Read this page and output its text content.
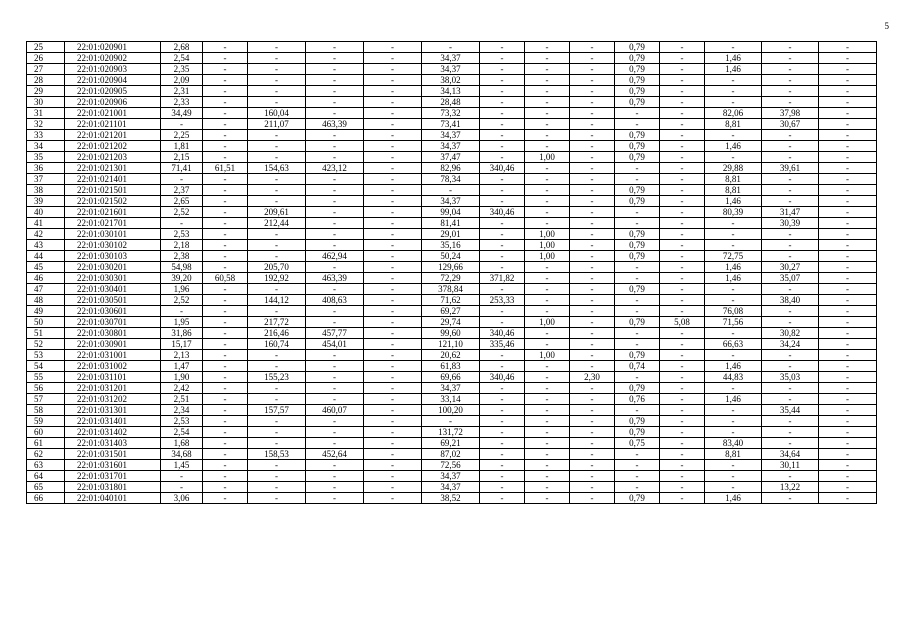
5
25	22:01:020901	2,68	-	-	-	-	-	-	-	-	0,79	-	-	-	-
26	22:01:020902	2,54	-	-	-	-	34,37	-	-	-	0,79	-	1,46	-	-
27	22:01:020903	2,35	-	-	-	-	34,37	-	-	-	0,79	-	1,46	-	-
28	22:01:020904	2,09	-	-	-	-	38,02	-	-	-	0,79	-	-	-	-
29	22:01:020905	2,31	-	-	-	-	34,13	-	-	-	0,79	-	-	-	-
30	22:01:020906	2,33	-	-	-	-	28,48	-	-	-	0,79	-	-	-	-
31	22:01:021001	34,49	-	160,04	-	-	73,32	-	-	-	-	-	82,06	37,98	-
32	22:01:021101	-	-	211,07	463,39	-	73,41	-	-	-	-	-	8,81	30,67	-
33	22:01:021201	2,25	-	-	-	-	34,37	-	-	-	0,79	-	-	-	-
34	22:01:021202	1,81	-	-	-	-	34,37	-	-	-	0,79	-	1,46	-	-
35	22:01:021203	2,15	-	-	-	-	37,47	-	1,00	-	0,79	-	-	-	-
36	22:01:021301	71,41	61,51	154,63	423,12	-	82,96	340,46	-	-	-	-	29,88	39,61	-
37	22:01:021401	-	-	-	-	-	78,34	-	-	-	-	-	8,81	-	-
38	22:01:021501	2,37	-	-	-	-	-	-	-	-	0,79	-	8,81	-	-
39	22:01:021502	2,65	-	-	-	-	34,37	-	-	-	0,79	-	1,46	-	-
40	22:01:021601	2,52	-	209,61	-	-	99,04	340,46	-	-	-	-	80,39	31,47	-
41	22:01:021701	-	-	212,44	-	-	81,41	-	-	-	-	-	-	30,39	-
42	22:01:030101	2,53	-	-	-	-	29,01	-	1,00	-	0,79	-	-	-	-
43	22:01:030102	2,18	-	-	-	-	35,16	-	1,00	-	0,79	-	-	-	-
44	22:01:030103	2,38	-	-	462,94	-	50,24	-	1,00	-	0,79	-	72,75	-	-
45	22:01:030201	54,98	-	205,70	-	-	129,66	-	-	-	-	-	1,46	30,27	-
46	22:01:030301	39,20	60,58	192,92	463,39	-	72,29	371,82	-	-	-	-	1,46	35,07	-
47	22:01:030401	1,96	-	-	-	-	378,84	-	-	-	0,79	-	-	-	-
48	22:01:030501	2,52	-	144,12	408,63	-	71,62	253,33	-	-	-	-	-	38,40	-
49	22:01:030601	-	-	-	-	-	69,27	-	-	-	-	-	76,08	-	-
50	22:01:030701	1,95	-	217,72	-	-	29,74	-	1,00	-	0,79	5,08	71,56	-	-
51	22:01:030801	31,86	-	216,46	457,77	-	99,60	340,46	-	-	-	-	-	30,82	-
52	22:01:030901	15,17	-	160,74	454,01	-	121,10	335,46	-	-	-	-	66,63	34,24	-
53	22:01:031001	2,13	-	-	-	-	20,62	-	1,00	-	0,79	-	-	-	-
54	22:01:031002	1,47	-	-	-	-	61,83	-	-	-	0,74	-	1,46	-	-
55	22:01:031101	1,90	-	155,23	-	-	69,66	340,46	-	2,30	-	-	44,83	35,03	-
56	22:01:031201	2,42	-	-	-	-	34,37	-	-	-	0,79	-	-	-	-
57	22:01:031202	2,51	-	-	-	-	33,14	-	-	-	0,76	-	1,46	-	-
58	22:01:031301	2,34	-	157,57	460,07	-	100,20	-	-	-	-	-	-	35,44	-
59	22:01:031401	2,53	-	-	-	-	-	-	-	-	0,79	-	-	-	-
60	22:01:031402	2,54	-	-	-	-	131,72	-	-	-	0,79	-	-	-	-
61	22:01:031403	1,68	-	-	-	-	69,21	-	-	-	0,75	-	83,40	-	-
62	22:01:031501	34,68	-	158,53	452,64	-	87,02	-	-	-	-	-	8,81	34,64	-
63	22:01:031601	1,45	-	-	-	-	72,56	-	-	-	-	-	-	30,11	-
64	22:01:031701	-	-	-	-	-	34,37	-	-	-	-	-	-	-	-
65	22:01:031801	-	-	-	-	-	34,37	-	-	-	-	-	-	13,22	-
66	22:01:040101	3,06	-	-	-	-	38,52	-	-	-	0,79	-	1,46	-	-
